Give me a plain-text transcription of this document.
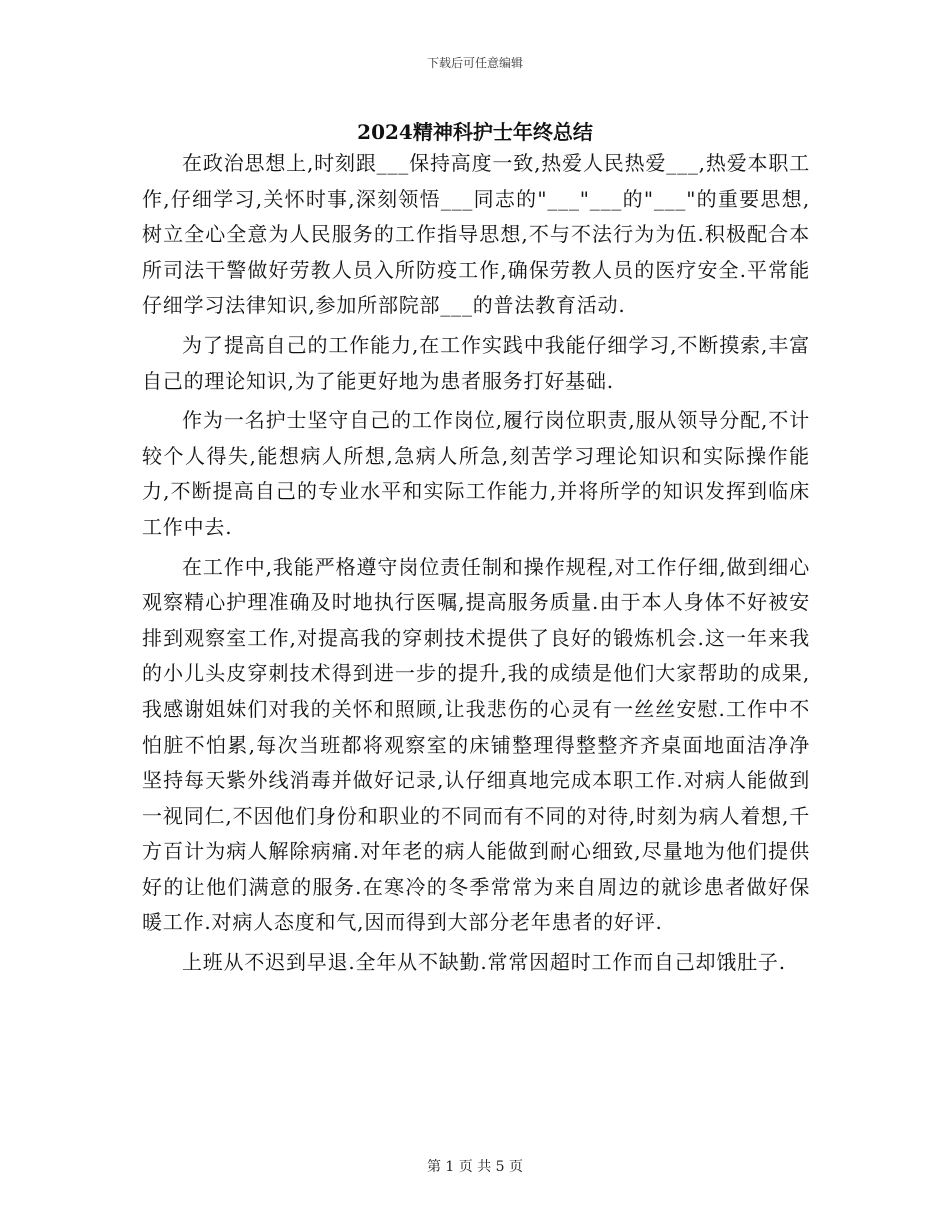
下载后可任意编辑
2024精神科护士年终总结

在政治思想上,时刻跟___保持高度一致,热爱人民热爱___,热爱本职工作,仔细学习,关怀时事,深刻领悟___同志的"___"___的"___"的重要思想,树立全心全意为人民服务的工作指导思想,不与不法行为为伍.积极配合本所司法干警做好劳教人员入所防疫工作,确保劳教人员的医疗安全.平常能仔细学习法律知识,参加所部院部___的普法教育活动.

为了提高自己的工作能力,在工作实践中我能仔细学习,不断摸索,丰富自己的理论知识,为了能更好地为患者服务打好基础.

作为一名护士坚守自己的工作岗位,履行岗位职责,服从领导分配,不计较个人得失,能想病人所想,急病人所急,刻苦学习理论知识和实际操作能力,不断提高自己的专业水平和实际工作能力,并将所学的知识发挥到临床工作中去.

在工作中,我能严格遵守岗位责任制和操作规程,对工作仔细,做到细心观察精心护理准确及时地执行医嘱,提高服务质量.由于本人身体不好被安排到观察室工作,对提高我的穿刺技术提供了良好的锻炼机会.这一年来我的小儿头皮穿刺技术得到进一步的提升,我的成绩是他们大家帮助的成果,我感谢姐妹们对我的关怀和照顾,让我悲伤的心灵有一丝丝安慰.工作中不怕脏不怕累,每次当班都将观察室的床铺整理得整整齐齐桌面地面洁净净坚持每天紫外线消毒并做好记录,认仔细真地完成本职工作.对病人能做到一视同仁,不因他们身份和职业的不同而有不同的对待,时刻为病人着想,千方百计为病人解除病痛.对年老的病人能做到耐心细致,尽量地为他们提供好的让他们满意的服务.在寒冷的冬季常常为来自周边的就诊患者做好保暖工作.对病人态度和气,因而得到大部分老年患者的好评.

上班从不迟到早退.全年从不缺勤.常常因超时工作而自己却饿肚子.

第 1 页 共 5 页
